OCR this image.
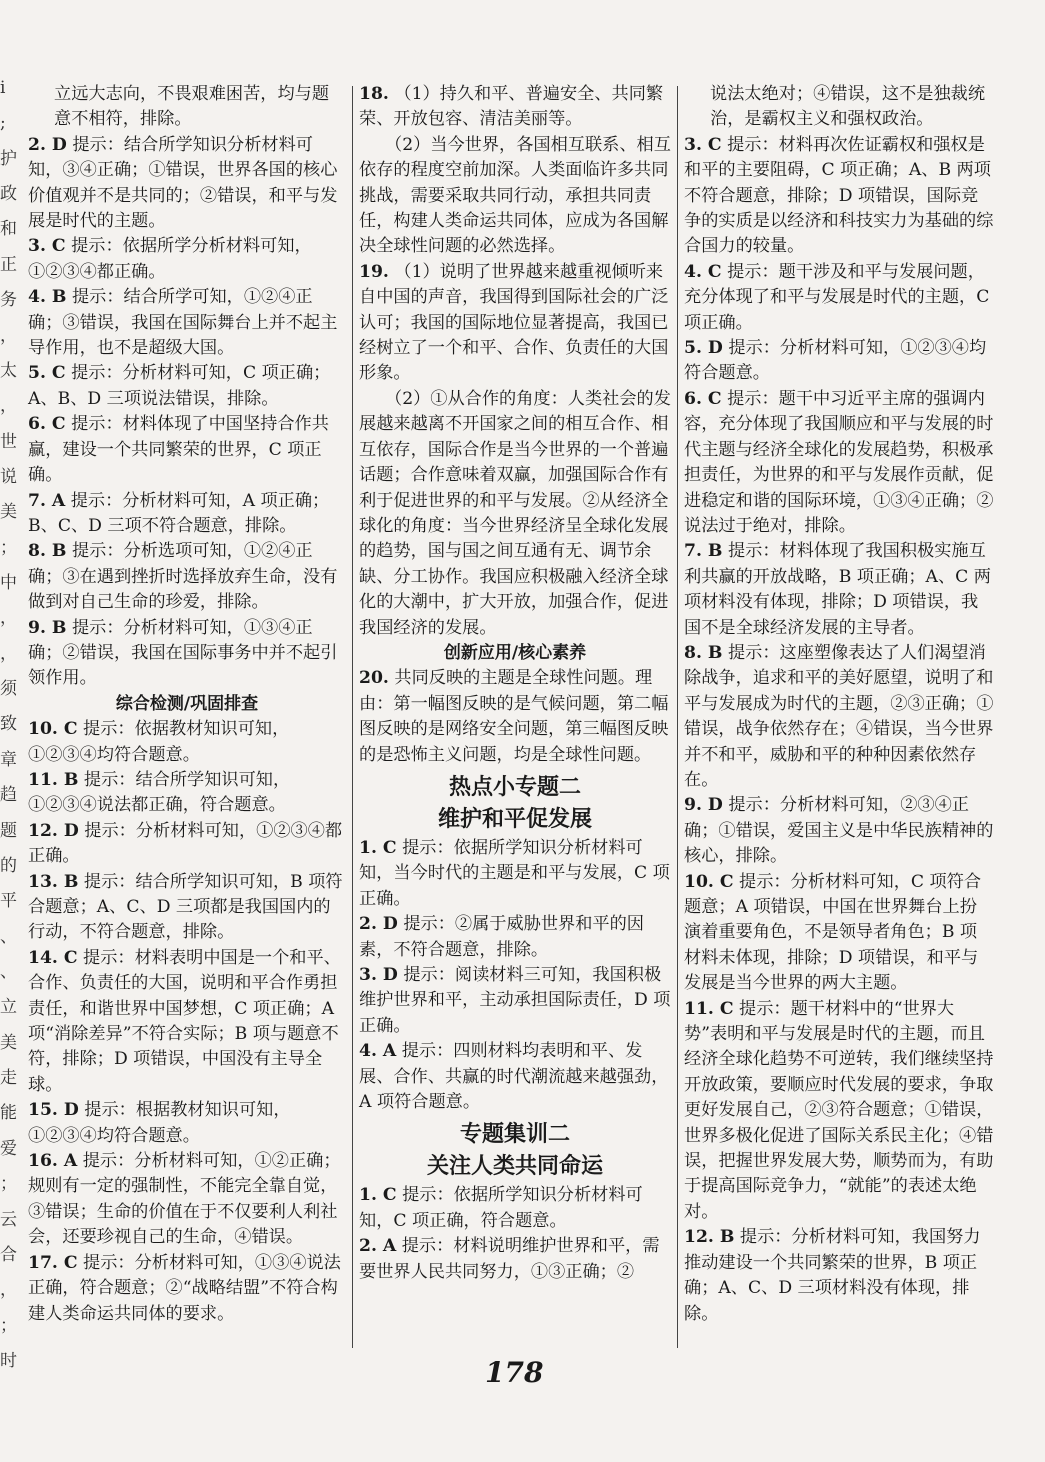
i
;
护
政
和
正
务
，
太
，
世
说
美
；
中
，
，
须
致
章
趋
题
的
平
、
、
立
美
走
能
爱
；
云
合
，
；
时

立远大志向，不畏艰难困苦，均与题意不相符，排除。

2. D 提示：结合所学知识分析材料可知，③④正确；①错误，世界各国的核心价值观并不是共同的；②错误，和平与发展是时代的主题。
3. C 提示：依据所学分析材料可知，①②③④都正确。
4. B 提示：结合所学可知，①②④正确；③错误，我国在国际舞台上并不起主导作用，也不是超级大国。
5. C 提示：分析材料可知，C 项正确；A、B、D 三项说法错误，排除。
6. C 提示：材料体现了中国坚持合作共赢，建设一个共同繁荣的世界，C 项正确。
7. A 提示：分析材料可知，A 项正确；B、C、D 三项不符合题意，排除。
8. B 提示：分析选项可知，①②④正确；③在遇到挫折时选择放弃生命，没有做到对自己生命的珍爱，排除。
9. B 提示：分析材料可知，①③④正确；②错误，我国在国际事务中并不起引领作用。

综合检测/巩固排查

10. C 提示：依据教材知识可知，①②③④均符合题意。
11. B 提示：结合所学知识可知，①②③④说法都正确，符合题意。
12. D 提示：分析材料可知，①②③④都正确。
13. B 提示：结合所学知识可知，B 项符合题意；A、C、D 三项都是我国国内的行动，不符合题意，排除。
14. C 提示：材料表明中国是一个和平、合作、负责任的大国，说明和平合作勇担责任，和谐世界中国梦想，C 项正确；A 项“消除差异”不符合实际；B 项与题意不符，排除；D 项错误，中国没有主导全球。
15. D 提示：根据教材知识可知，①②③④均符合题意。
16. A 提示：分析材料可知，①②正确；规则有一定的强制性，不能完全靠自觉，③错误；生命的价值在于不仅要利人利社会，还要珍视自己的生命，④错误。
17. C 提示：分析材料可知，①③④说法正确，符合题意；②“战略结盟”不符合构建人类命运共同体的要求。
18. （1）持久和平、普遍安全、共同繁荣、开放包容、清洁美丽等。
（2）当今世界，各国相互联系、相互依存的程度空前加深。人类面临许多共同挑战，需要采取共同行动，承担共同责任，构建人类命运共同体，应成为各国解决全球性问题的必然选择。
19. （1）说明了世界越来越重视倾听来自中国的声音，我国得到国际社会的广泛认可；我国的国际地位显著提高，我国已经树立了一个和平、合作、负责任的大国形象。
（2）①从合作的角度：人类社会的发展越来越离不开国家之间的相互合作、相互依存，国际合作是当今世界的一个普遍话题；合作意味着双赢，加强国际合作有利于促进世界的和平与发展。②从经济全球化的角度：当今世界经济呈全球化发展的趋势，国与国之间互通有无、调节余缺、分工协作。我国应积极融入经济全球化的大潮中，扩大开放，加强合作，促进我国经济的发展。

创新应用/核心素养

20. 共同反映的主题是全球性问题。理由：第一幅图反映的是气候问题，第二幅图反映的是网络安全问题，第三幅图反映的是恐怖主义问题，均是全球性问题。
热点小专题二
维护和平促发展
1. C 提示：依据所学知识分析材料可知，当今时代的主题是和平与发展，C 项正确。
2. D 提示：②属于威胁世界和平的因素，不符合题意，排除。
3. D 提示：阅读材料三可知，我国积极维护世界和平，主动承担国际责任，D 项正确。
4. A 提示：四则材料均表明和平、发展、合作、共赢的时代潮流越来越强劲，A 项符合题意。
专题集训二
关注人类共同命运
1. C 提示：依据所学知识分析材料可知，C 项正确，符合题意。
2. A 提示：材料说明维护世界和平，需要世界人民共同努力，①③正确；②

说法太绝对；④错误，这不是独裁统治，是霸权主义和强权政治。

3. C 提示：材料再次佐证霸权和强权是和平的主要阻碍，C 项正确；A、B 两项不符合题意，排除；D 项错误，国际竞争的实质是以经济和科技实力为基础的综合国力的较量。
4. C 提示：题干涉及和平与发展问题，充分体现了和平与发展是时代的主题，C 项正确。
5. D 提示：分析材料可知，①②③④均符合题意。
6. C 提示：题干中习近平主席的强调内容，充分体现了我国顺应和平与发展的时代主题与经济全球化的发展趋势，积极承担责任，为世界的和平与发展作贡献，促进稳定和谐的国际环境，①③④正确；②说法过于绝对，排除。
7. B 提示：材料体现了我国积极实施互利共赢的开放战略，B 项正确；A、C 两项材料没有体现，排除；D 项错误，我国不是全球经济发展的主导者。
8. B 提示：这座塑像表达了人们渴望消除战争，追求和平的美好愿望，说明了和平与发展成为时代的主题，②③正确；①错误，战争依然存在；④错误，当今世界并不和平，威胁和平的种种因素依然存在。
9. D 提示：分析材料可知，②③④正确；①错误，爱国主义是中华民族精神的核心，排除。
10. C 提示：分析材料可知，C 项符合题意；A 项错误，中国在世界舞台上扮演着重要角色，不是领导者角色；B 项材料未体现，排除；D 项错误，和平与发展是当今世界的两大主题。
11. C 提示：题干材料中的“世界大势”表明和平与发展是时代的主题，而且经济全球化趋势不可逆转，我们继续坚持开放政策，要顺应时代发展的要求，争取更好发展自己，②③符合题意；①错误，世界多极化促进了国际关系民主化；④错误，把握世界发展大势，顺势而为，有助于提高国际竞争力，“就能”的表述太绝对。
12. B 提示：分析材料可知，我国努力推动建设一个共同繁荣的世界，B 项正确；A、C、D 三项材料没有体现，排除。
178
